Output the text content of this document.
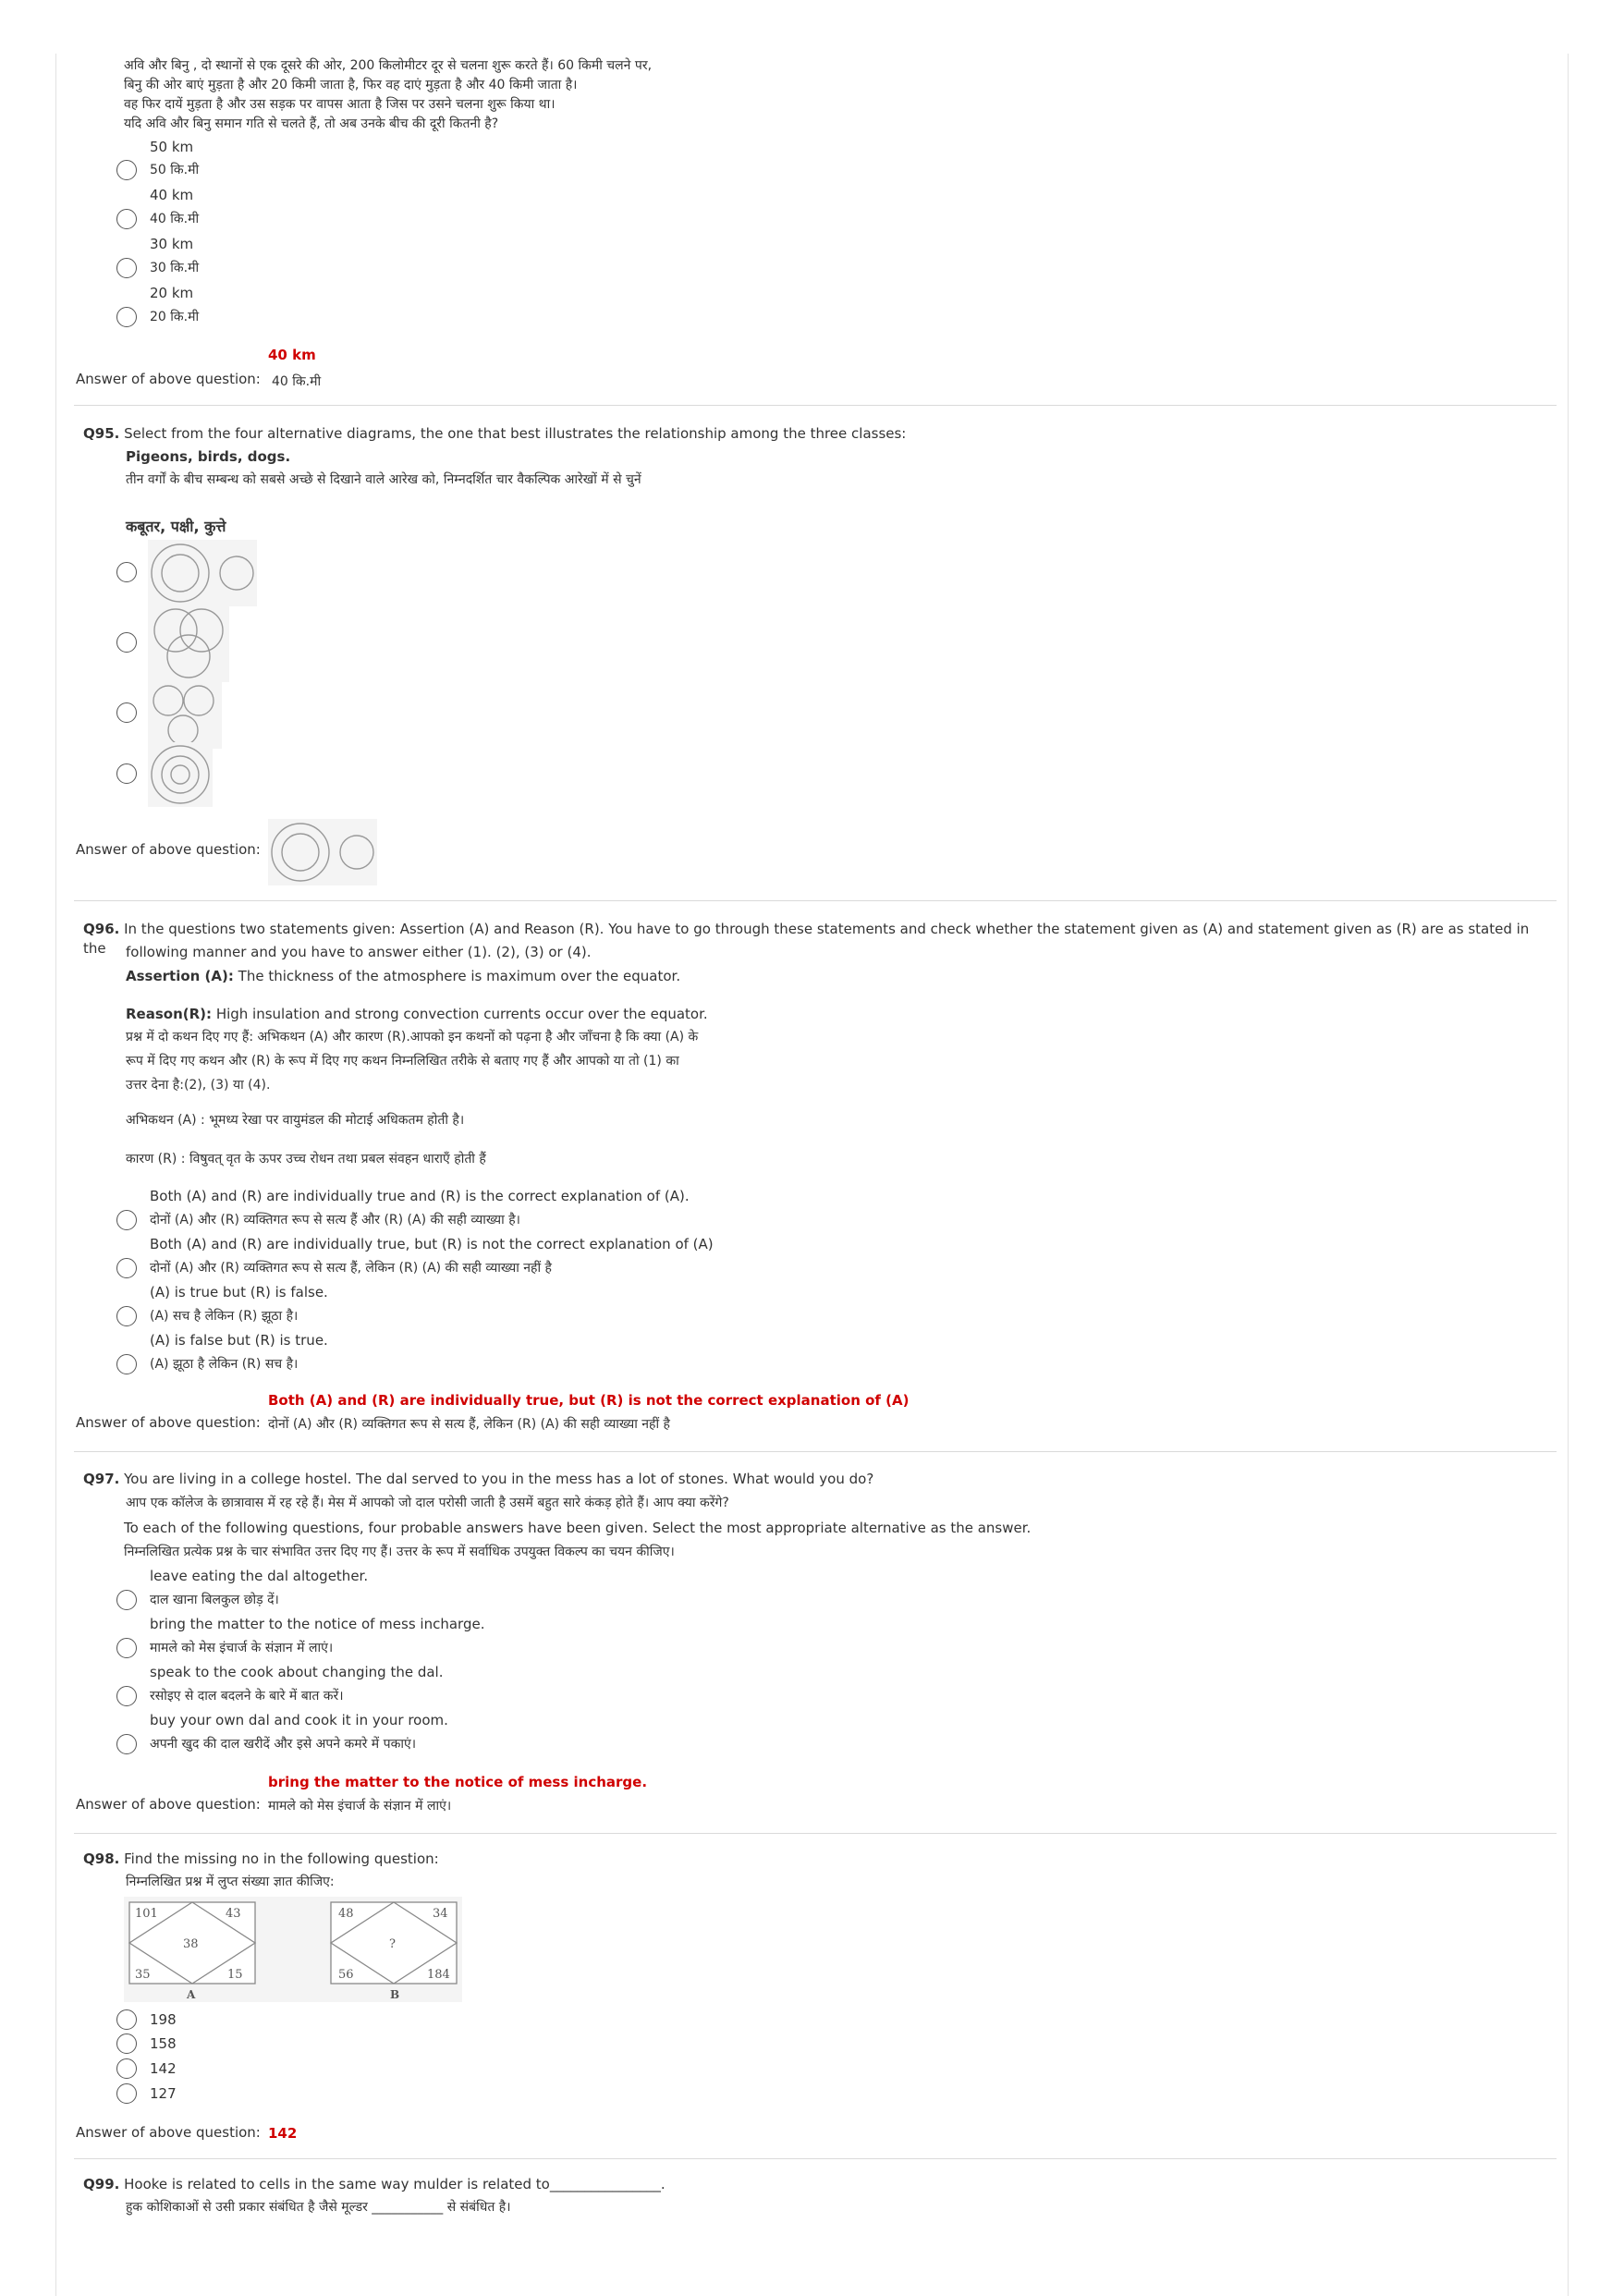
अवि और बिनु , दो स्थानों से एक दूसरे की ओर, 200 किलोमीटर दूर से चलना शुरू करते हैं। 60 किमी चलने पर,
बिनु की ओर बाएं मुड़ता है और 20 किमी जाता है, फिर वह दाएं मुड़ता है और 40 किमी जाता है।
वह फिर दायें मुड़ता है और उस सड़क पर वापस आता है जिस पर उसने चलना शुरू किया था।
यदि अवि और बिनु समान गति से चलते हैं, तो अब उनके बीच की दूरी कितनी है?
50 km
50 कि.मी
40 km
40 कि.मी
30 km
30 कि.मी
20 km
20 कि.मी
40 km
Answer of above question: 40 कि.मी
Q95. Select from the four alternative diagrams, the one that best illustrates the relationship among the three classes:
Pigeons, birds, dogs.
तीन वर्गों के बीच सम्बन्ध को सबसे अच्छे से दिखाने वाले आरेख को, निम्नदर्शित चार वैकल्पिक आरेखों में से चुनें
कबूतर, पक्षी, कुत्ते
Answer of above question:
Q96. In the questions two statements given: Assertion (A) and Reason (R). You have to go through these statements and check whether the statement given as (A) and statement given as (R) are as stated in the	following manner and you have to answer either (1). (2), (3) or (4).
Assertion (A): The thickness of the atmosphere is maximum over the equator.
Reason(R): High insulation and strong convection currents occur over the equator.
प्रश्न में दो कथन दिए गए हैं: अभिकथन (A) और कारण (R).आपको इन कथनों को पढ़ना है और जाँचना है कि क्या (A) के
रूप में दिए गए कथन और (R) के रूप में दिए गए कथन निम्नलिखित तरीके से बताए गए हैं और आपको या तो (1) का
उत्तर देना है:(2), (3) या (4).
अभिकथन (A) : भूमध्य रेखा पर वायुमंडल की मोटाई अधिकतम होती है।
कारण (R) : विषुवत् वृत के ऊपर उच्च रोधन तथा प्रबल संवहन धाराएँ होती हैं
Both (A) and (R) are individually true and (R) is the correct explanation of (A).
दोनों (A) और (R) व्यक्तिगत रूप से सत्य हैं और (R) (A) की सही व्याख्या है।
Both (A) and (R) are individually true, but (R) is not the correct explanation of (A)
दोनों (A) और (R) व्यक्तिगत रूप से सत्य हैं, लेकिन (R) (A) की सही व्याख्या नहीं है
(A) is true but (R) is false.
(A) सच है लेकिन (R) झूठा है।
(A) is false but (R) is true.
(A) झूठा है लेकिन (R) सच है।
Both (A) and (R) are individually true, but (R) is not the correct explanation of (A)
Answer of above question: दोनों (A) और (R) व्यक्तिगत रूप से सत्य हैं, लेकिन (R) (A) की सही व्याख्या नहीं है
Q97. You are living in a college hostel. The dal served to you in the mess has a lot of stones. What would you do?
आप एक कॉलेज के छात्रावास में रह रहे हैं। मेस में आपको जो दाल परोसी जाती है उसमें बहुत सारे कंकड़ होते हैं। आप क्या करेंगे?
To each of the following questions, four probable answers have been given. Select the most appropriate alternative as the answer.
निम्नलिखित प्रत्येक प्रश्न के चार संभावित उत्तर दिए गए हैं। उत्तर के रूप में सर्वाधिक उपयुक्त विकल्प का चयन कीजिए।
leave eating the dal altogether.
दाल खाना बिलकुल छोड़ दें।
bring the matter to the notice of mess incharge.
मामले को मेस इंचार्ज के संज्ञान में लाएं।
speak to the cook about changing the dal.
रसोइए से दाल बदलने के बारे में बात करें।
buy your own dal and cook it in your room.
अपनी खुद की दाल खरीदें और इसे अपने कमरे में पकाएं।
bring the matter to the notice of mess incharge.
Answer of above question: मामले को मेस इंचार्ज के संज्ञान में लाएं।
Q98. Find the missing no in the following question:
निम्नलिखित प्रश्न में लुप्त संख्या ज्ञात कीजिए:
101	43
38
35	15
A
48	34
?
56	184
B
198
158
142
127
Answer of above question: 142
Q99. Hooke is related to cells in the same way mulder is related to________________.
हुक कोशिकाओं से उसी प्रकार संबंधित है जैसे मूल्डर ___________ से संबंधित है।
